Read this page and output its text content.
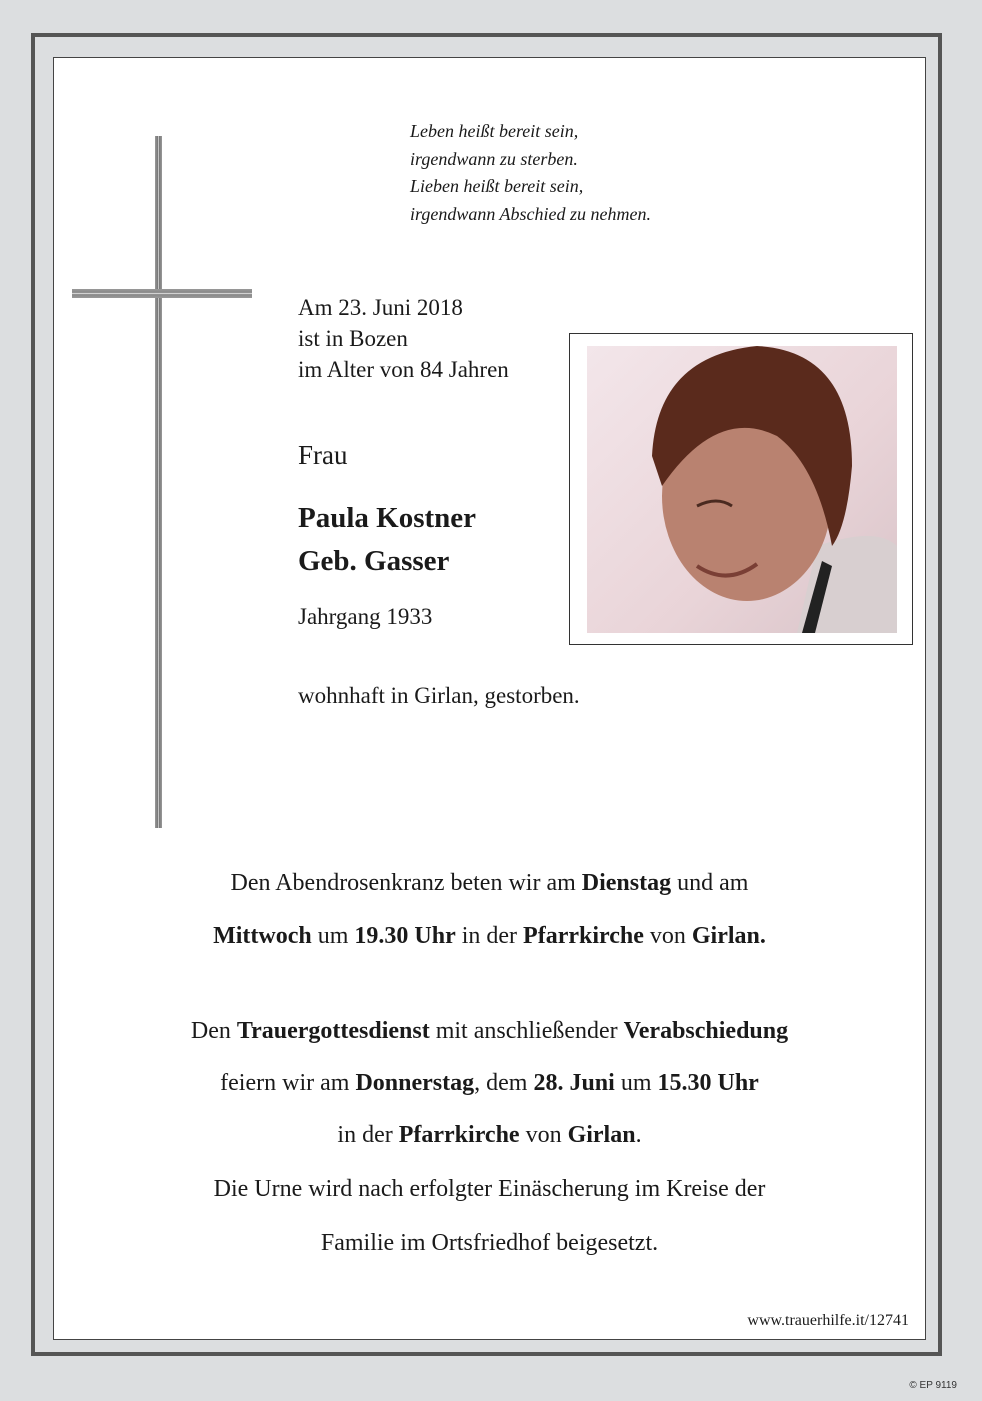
Leben heißt bereit sein,
irgendwann zu sterben.
Lieben heißt bereit sein,
irgendwann Abschied zu nehmen.
Am 23. Juni 2018
ist in Bozen
im Alter von 84 Jahren
Frau
Paula Kostner
Geb. Gasser
Jahrgang 1933
wohnhaft in Girlan, gestorben.
Den Abendrosenkranz beten wir am Dienstag und am
Mittwoch um 19.30 Uhr in der Pfarrkirche von Girlan.
Den Trauergottesdienst mit anschließender Verabschiedung
feiern wir am Donnerstag, dem 28. Juni um 15.30 Uhr
in der Pfarrkirche von Girlan.
Die Urne wird nach erfolgter Einäscherung im Kreise der
Familie im Ortsfriedhof beigesetzt.
www.trauerhilfe.it/12741
© EP 9119
